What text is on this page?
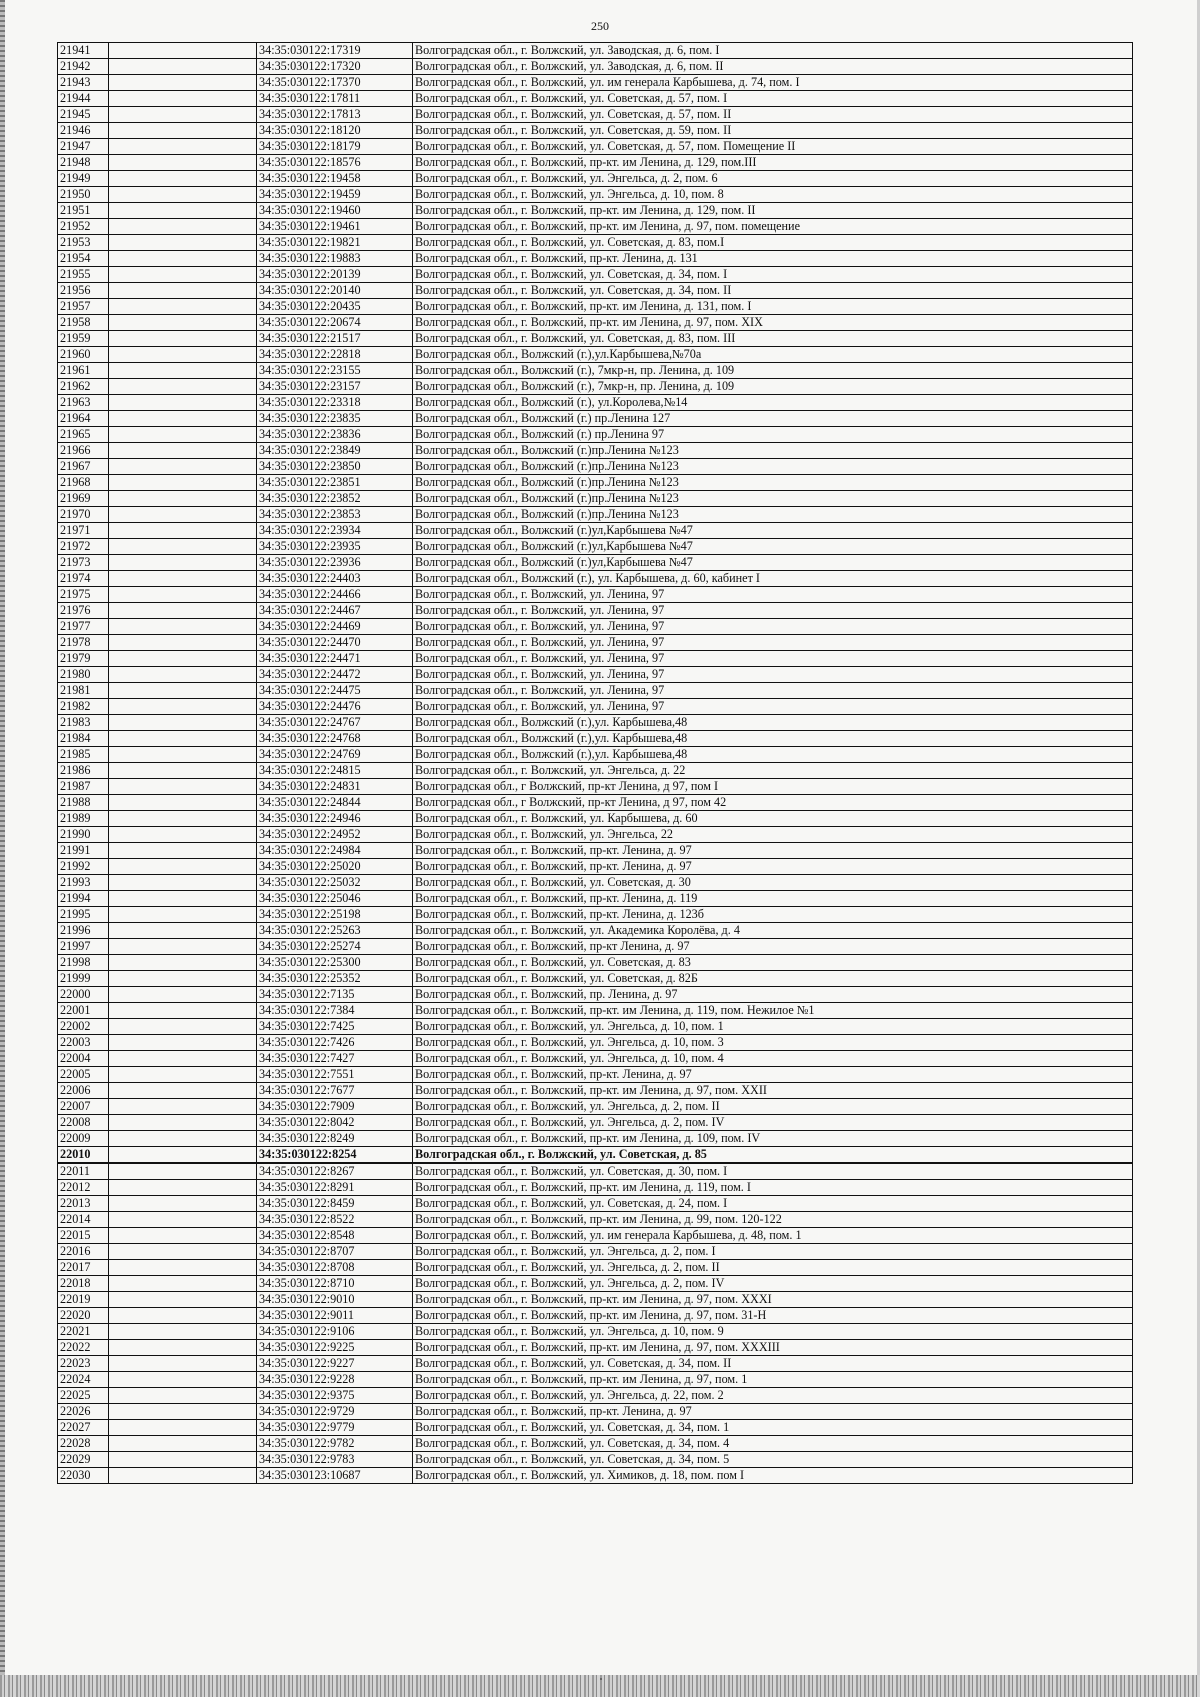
250
21941		34:35:030122:17319	Волгоградская обл., г. Волжский, ул. Заводская, д. 6, пом. I
21942		34:35:030122:17320	Волгоградская обл., г. Волжский, ул. Заводская, д. 6, пом. II
21943		34:35:030122:17370	Волгоградская обл., г. Волжский, ул. им генерала Карбышева, д. 74, пом. I
21944		34:35:030122:17811	Волгоградская обл., г. Волжский, ул. Советская, д. 57, пом. I
21945		34:35:030122:17813	Волгоградская обл., г. Волжский, ул. Советская, д. 57, пом. II
21946		34:35:030122:18120	Волгоградская обл., г. Волжский, ул. Советская, д. 59, пом. II
21947		34:35:030122:18179	Волгоградская обл., г. Волжский, ул. Советская, д. 57, пом. Помещение II
21948		34:35:030122:18576	Волгоградская обл., г. Волжский, пр-кт. им Ленина, д. 129, пом.III
21949		34:35:030122:19458	Волгоградская обл., г. Волжский, ул. Энгельса, д. 2, пом. 6
21950		34:35:030122:19459	Волгоградская обл., г. Волжский, ул. Энгельса, д. 10, пом. 8
21951		34:35:030122:19460	Волгоградская обл., г. Волжский, пр-кт. им Ленина, д. 129, пом. II
21952		34:35:030122:19461	Волгоградская обл., г. Волжский, пр-кт. им Ленина, д. 97, пом. помещение
21953		34:35:030122:19821	Волгоградская обл., г. Волжский, ул. Советская, д. 83, пом.I
21954		34:35:030122:19883	Волгоградская обл., г. Волжский, пр-кт. Ленина, д. 131
21955		34:35:030122:20139	Волгоградская обл., г. Волжский, ул. Советская, д. 34, пом. I
21956		34:35:030122:20140	Волгоградская обл., г. Волжский, ул. Советская, д. 34, пом. II
21957		34:35:030122:20435	Волгоградская обл., г. Волжский, пр-кт. им Ленина, д. 131, пом. I
21958		34:35:030122:20674	Волгоградская обл., г. Волжский, пр-кт. им Ленина, д. 97, пом. XIX
21959		34:35:030122:21517	Волгоградская обл., г. Волжский, ул. Советская, д. 83, пом. III
21960		34:35:030122:22818	Волгоградская обл., Волжский (г.),ул.Карбышева,№70а
21961		34:35:030122:23155	Волгоградская обл., Волжский (г.), 7мкр-н, пр. Ленина, д. 109
21962		34:35:030122:23157	Волгоградская обл., Волжский (г.), 7мкр-н, пр. Ленина, д. 109
21963		34:35:030122:23318	Волгоградская обл., Волжский (г.), ул.Королева,№14
21964		34:35:030122:23835	Волгоградская обл., Волжский (г.) пр.Ленина 127
21965		34:35:030122:23836	Волгоградская обл., Волжский (г.) пр.Ленина 97
21966		34:35:030122:23849	Волгоградская обл., Волжский (г.)пр.Ленина №123
21967		34:35:030122:23850	Волгоградская обл., Волжский (г.)пр.Ленина №123
21968		34:35:030122:23851	Волгоградская обл., Волжский (г.)пр.Ленина №123
21969		34:35:030122:23852	Волгоградская обл., Волжский (г.)пр.Ленина №123
21970		34:35:030122:23853	Волгоградская обл., Волжский (г.)пр.Ленина №123
21971		34:35:030122:23934	Волгоградская обл., Волжский (г.)ул,Карбышева №47
21972		34:35:030122:23935	Волгоградская обл., Волжский (г.)ул,Карбышева №47
21973		34:35:030122:23936	Волгоградская обл., Волжский (г.)ул,Карбышева №47
21974		34:35:030122:24403	Волгоградская обл., Волжский (г.), ул. Карбышева, д. 60, кабинет I
21975		34:35:030122:24466	Волгоградская обл., г. Волжский, ул. Ленина, 97
21976		34:35:030122:24467	Волгоградская обл., г. Волжский, ул. Ленина, 97
21977		34:35:030122:24469	Волгоградская обл., г. Волжский, ул. Ленина, 97
21978		34:35:030122:24470	Волгоградская обл., г. Волжский, ул. Ленина, 97
21979		34:35:030122:24471	Волгоградская обл., г. Волжский, ул. Ленина, 97
21980		34:35:030122:24472	Волгоградская обл., г. Волжский, ул. Ленина, 97
21981		34:35:030122:24475	Волгоградская обл., г. Волжский, ул. Ленина, 97
21982		34:35:030122:24476	Волгоградская обл., г. Волжский, ул. Ленина, 97
21983		34:35:030122:24767	Волгоградская обл., Волжский (г.),ул. Карбышева,48
21984		34:35:030122:24768	Волгоградская обл., Волжский (г.),ул. Карбышева,48
21985		34:35:030122:24769	Волгоградская обл., Волжский (г.),ул. Карбышева,48
21986		34:35:030122:24815	Волгоградская обл., г. Волжский, ул. Энгельса, д. 22
21987		34:35:030122:24831	Волгоградская обл., г Волжский, пр-кт Ленина, д 97, пом I
21988		34:35:030122:24844	Волгоградская обл., г Волжский, пр-кт Ленина, д 97, пом 42
21989		34:35:030122:24946	Волгоградская обл., г. Волжский, ул. Карбышева, д. 60
21990		34:35:030122:24952	Волгоградская обл., г. Волжский, ул. Энгельса, 22
21991		34:35:030122:24984	Волгоградская обл., г. Волжский, пр-кт. Ленина, д. 97
21992		34:35:030122:25020	Волгоградская обл., г. Волжский, пр-кт. Ленина, д. 97
21993		34:35:030122:25032	Волгоградская обл., г. Волжский, ул. Советская, д. 30
21994		34:35:030122:25046	Волгоградская обл., г. Волжский, пр-кт. Ленина, д. 119
21995		34:35:030122:25198	Волгоградская обл., г. Волжский, пр-кт. Ленина, д. 123б
21996		34:35:030122:25263	Волгоградская обл., г. Волжский, ул. Академика Королёва, д. 4
21997		34:35:030122:25274	Волгоградская обл., г. Волжский, пр-кт Ленина, д. 97
21998		34:35:030122:25300	Волгоградская обл., г. Волжский, ул. Советская, д. 83
21999		34:35:030122:25352	Волгоградская обл., г. Волжский, ул. Советская, д. 82Б
22000		34:35:030122:7135	Волгоградская обл., г. Волжский, пр. Ленина, д. 97
22001		34:35:030122:7384	Волгоградская обл., г. Волжский, пр-кт. им Ленина, д. 119, пом. Нежилое №1
22002		34:35:030122:7425	Волгоградская обл., г. Волжский, ул. Энгельса, д. 10, пом. 1
22003		34:35:030122:7426	Волгоградская обл., г. Волжский, ул. Энгельса, д. 10, пом. 3
22004		34:35:030122:7427	Волгоградская обл., г. Волжский, ул. Энгельса, д. 10, пом. 4
22005		34:35:030122:7551	Волгоградская обл., г. Волжский, пр-кт. Ленина, д. 97
22006		34:35:030122:7677	Волгоградская обл., г. Волжский, пр-кт. им Ленина, д. 97, пом. XXII
22007		34:35:030122:7909	Волгоградская обл., г. Волжский, ул. Энгельса, д. 2, пом. II
22008		34:35:030122:8042	Волгоградская обл., г. Волжский, ул. Энгельса, д. 2, пом. IV
22009		34:35:030122:8249	Волгоградская обл., г. Волжский, пр-кт. им Ленина, д. 109, пом. IV
22010		34:35:030122:8254	Волгоградская обл., г. Волжский, ул. Советская, д. 85
22011		34:35:030122:8267	Волгоградская обл., г. Волжский, ул. Советская, д. 30, пом. I
22012		34:35:030122:8291	Волгоградская обл., г. Волжский, пр-кт. им Ленина, д. 119, пом. I
22013		34:35:030122:8459	Волгоградская обл., г. Волжский, ул. Советская, д. 24, пом. I
22014		34:35:030122:8522	Волгоградская обл., г. Волжский, пр-кт. им Ленина, д. 99, пом. 120-122
22015		34:35:030122:8548	Волгоградская обл., г. Волжский, ул. им генерала Карбышева, д. 48, пом. 1
22016		34:35:030122:8707	Волгоградская обл., г. Волжский, ул. Энгельса, д. 2, пом. I
22017		34:35:030122:8708	Волгоградская обл., г. Волжский, ул. Энгельса, д. 2, пом. II
22018		34:35:030122:8710	Волгоградская обл., г. Волжский, ул. Энгельса, д. 2, пом. IV
22019		34:35:030122:9010	Волгоградская обл., г. Волжский, пр-кт. им Ленина, д. 97, пом. XXXI
22020		34:35:030122:9011	Волгоградская обл., г. Волжский, пр-кт. им Ленина, д. 97, пом. 31-Н
22021		34:35:030122:9106	Волгоградская обл., г. Волжский, ул. Энгельса, д. 10, пом. 9
22022		34:35:030122:9225	Волгоградская обл., г. Волжский, пр-кт. им Ленина, д. 97, пом. XXXIII
22023		34:35:030122:9227	Волгоградская обл., г. Волжский, ул. Советская, д. 34, пом. II
22024		34:35:030122:9228	Волгоградская обл., г. Волжский, пр-кт. им Ленина, д. 97, пом. 1
22025		34:35:030122:9375	Волгоградская обл., г. Волжский, ул. Энгельса, д. 22, пом. 2
22026		34:35:030122:9729	Волгоградская обл., г. Волжский, пр-кт. Ленина, д. 97
22027		34:35:030122:9779	Волгоградская обл., г. Волжский, ул. Советская, д. 34, пом. 1
22028		34:35:030122:9782	Волгоградская обл., г. Волжский, ул. Советская, д. 34, пом. 4
22029		34:35:030122:9783	Волгоградская обл., г. Волжский, ул. Советская, д. 34, пом. 5
22030		34:35:030123:10687	Волгоградская обл., г. Волжский, ул. Химиков, д. 18, пом. пом I
